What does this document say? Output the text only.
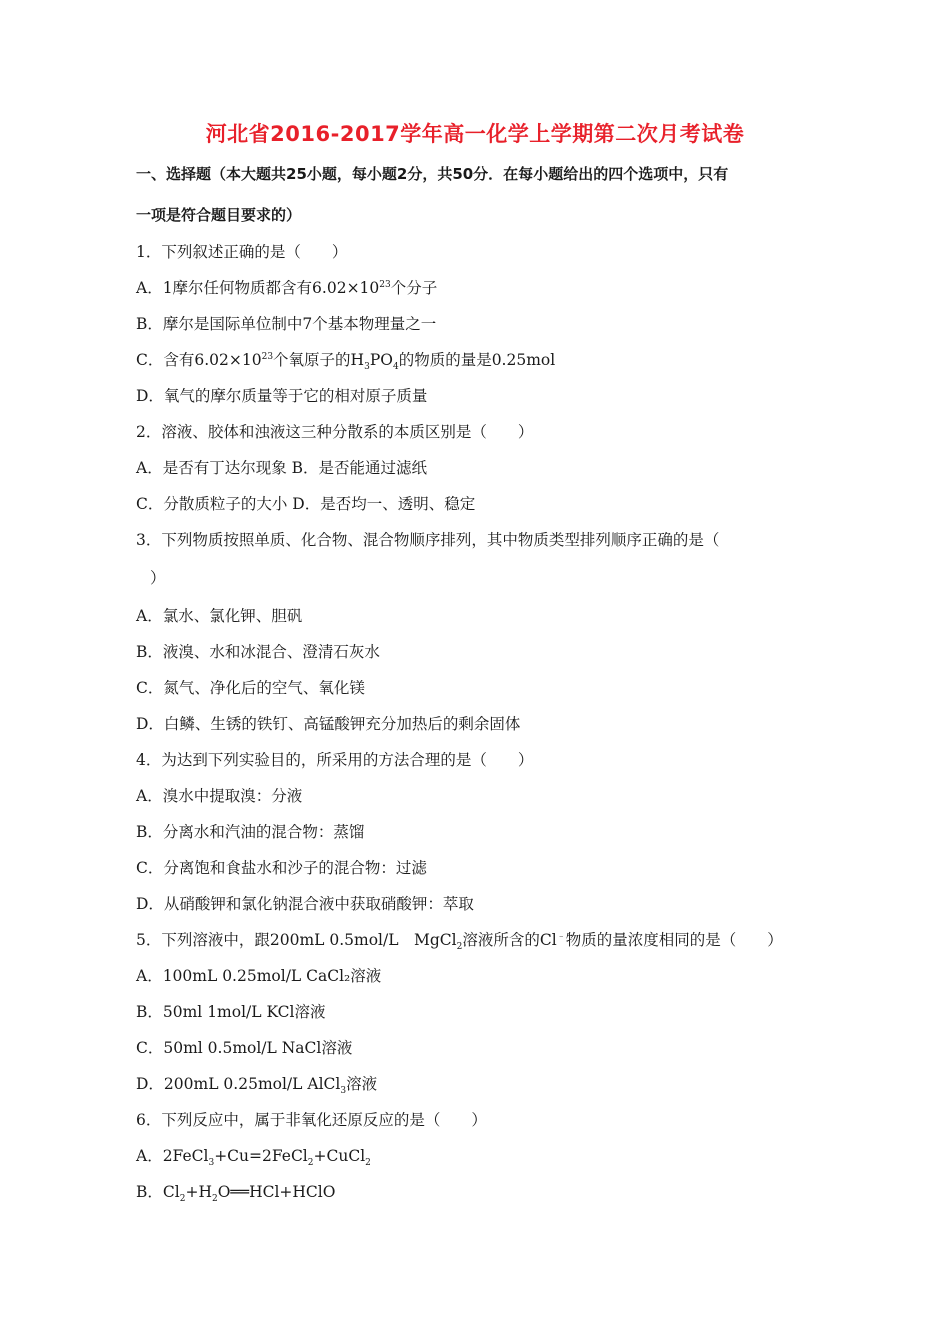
河北省2016-2017学年高一化学上学期第二次月考试卷
一、选择题（本大题共25小题，每小题2分，共50分．在每小题给出的四个选项中，只有
一项是符合题目要求的）
1．下列叙述正确的是（　　）
A．1摩尔任何物质都含有$6.02\times 10^{23}$个分子
B．摩尔是国际单位制中7个基本物理量之一
C．含有$6.02\times 10^{23}$个氧原子的$H_3PO_4$的物质的量是0.25mol
D．氧气的摩尔质量等于它的相对原子质量
2．溶液、胶体和浊液这三种分散系的本质区别是（　　）
A．是否有丁达尔现象 B．是否能通过滤纸
C．分散质粒子的大小 D．是否均一、透明、稳定
3．下列物质按照单质、化合物、混合物顺序排列，其中物质类型排列顺序正确的是（
）
A．氯水、氯化钾、胆矾
B．液溴、水和冰混合、澄清石灰水
C．氮气、净化后的空气、氧化镁
D．白鳞、生锈的铁钉、高锰酸钾充分加热后的剩余固体
4．为达到下列实验目的，所采用的方法合理的是（　　）
A．溴水中提取溴：分液
B．分离水和汽油的混合物：蒸馏
C．分离饱和食盐水和沙子的混合物：过滤
D．从硝酸钾和氯化钠混合液中获取硝酸钾：萃取
5．下列溶液中，跟200mL 0.5mol/L　MgCl$_2$溶液所含的Cl﹣物质的量浓度相同的是（　　）
A．100mL 0.25mol/L CaCl₂溶液
B．50ml 1mol/L KCl溶液
C．50ml 0.5mol/L NaCl溶液
D．200mL 0.25mol/L AlCl$_3$溶液
6．下列反应中，属于非氧化还原反应的是（　　）
A．2FeCl$_3$+Cu=2FeCl$_2$+CuCl$_2$
B．$Cl_2+H_2O══HCl+HClO$
